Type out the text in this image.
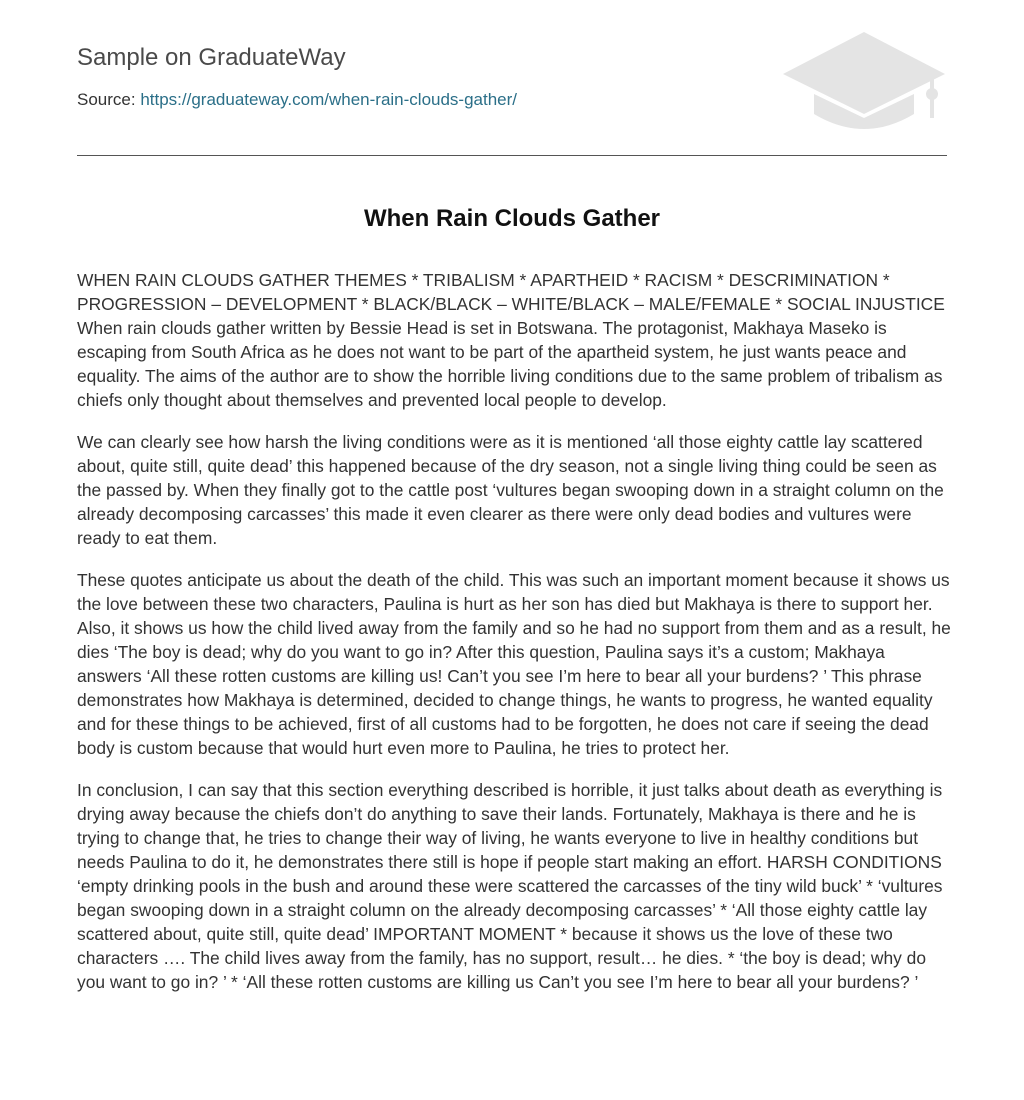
Sample on GraduateWay
Source: https://graduateway.com/when-rain-clouds-gather/
When Rain Clouds Gather

WHEN RAIN CLOUDS GATHER THEMES * TRIBALISM * APARTHEID * RACISM * DESCRIMINATION * PROGRESSION – DEVELOPMENT * BLACK/BLACK – WHITE/BLACK – MALE/FEMALE * SOCIAL INJUSTICE When rain clouds gather written by Bessie Head is set in Botswana. The protagonist, Makhaya Maseko is escaping from South Africa as he does not want to be part of the apartheid system, he just wants peace and equality. The aims of the author are to show the horrible living conditions due to the same problem of tribalism as chiefs only thought about themselves and prevented local people to develop.

We can clearly see how harsh the living conditions were as it is mentioned ‘all those eighty cattle lay scattered about, quite still, quite dead’ this happened because of the dry season, not a single living thing could be seen as the passed by. When they finally got to the cattle post ‘vultures began swooping down in a straight column on the already decomposing carcasses’ this made it even clearer as there were only dead bodies and vultures were ready to eat them.

These quotes anticipate us about the death of the child. This was such an important moment because it shows us the love between these two characters, Paulina is hurt as her son has died but Makhaya is there to support her. Also, it shows us how the child lived away from the family and so he had no support from them and as a result, he dies ‘The boy is dead; why do you want to go in? After this question, Paulina says it’s a custom; Makhaya answers ‘All these rotten customs are killing us! Can’t you see I’m here to bear all your burdens? ’ This phrase demonstrates how Makhaya is determined, decided to change things, he wants to progress, he wanted equality and for these things to be achieved, first of all customs had to be forgotten, he does not care if seeing the dead body is custom because that would hurt even more to Paulina, he tries to protect her.

In conclusion, I can say that this section everything described is horrible, it just talks about death as everything is drying away because the chiefs don’t do anything to save their lands. Fortunately, Makhaya is there and he is trying to change that, he tries to change their way of living, he wants everyone to live in healthy conditions but needs Paulina to do it, he demonstrates there still is hope if people start making an effort. HARSH CONDITIONS ‘empty drinking pools in the bush and around these were scattered the carcasses of the tiny wild buck’ * ‘vultures began swooping down in a straight column on the already decomposing carcasses’ * ‘All those eighty cattle lay scattered about, quite still, quite dead’ IMPORTANT MOMENT * because it shows us the love of these two characters …. The child lives away from the family, has no support, result… he dies. * ‘the boy is dead; why do you want to go in? ’ * ‘All these rotten customs are killing us Can’t you see I’m here to bear all your burdens? ’
